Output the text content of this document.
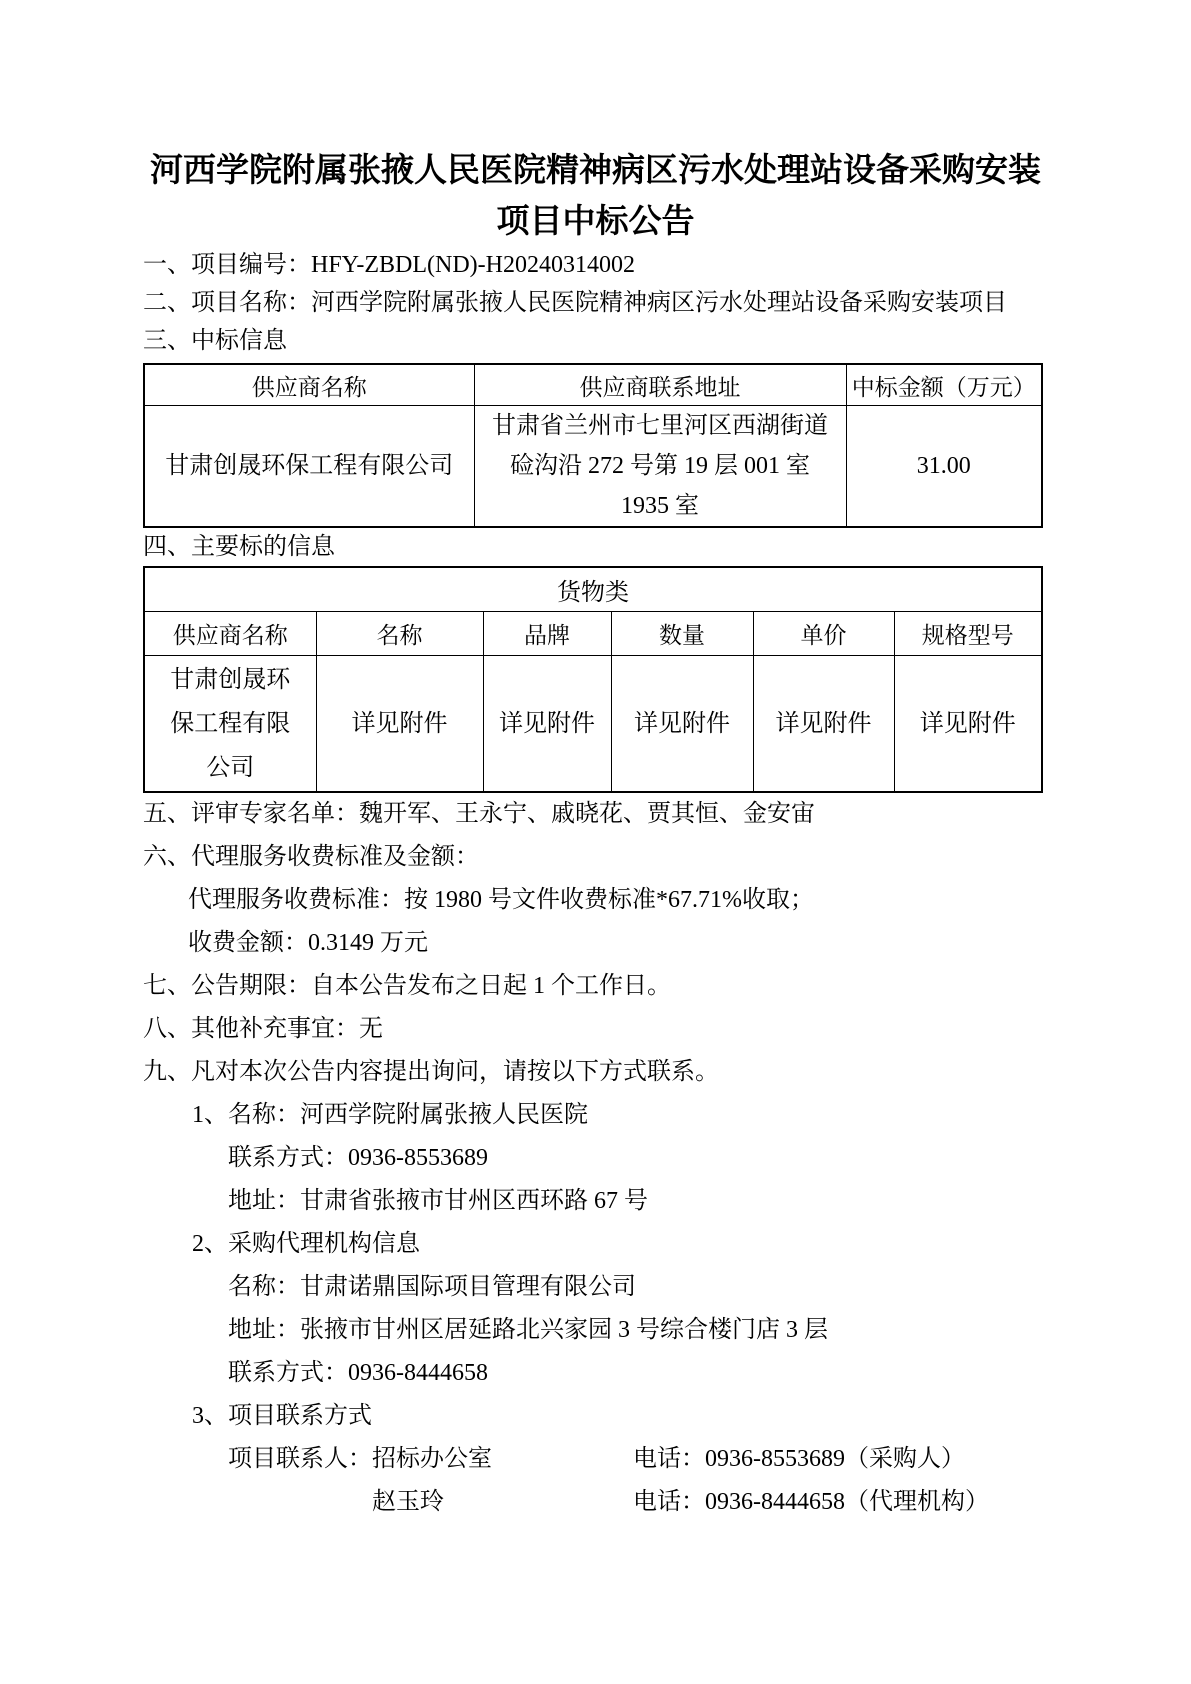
河西学院附属张掖人民医院精神病区污水处理站设备采购安装
项目中标公告

一、项目编号：HFY-ZBDL(ND)-H20240314002

二、项目名称：河西学院附属张掖人民医院精神病区污水处理站设备采购安装项目

三、中标信息

供应商名称	供应商联系地址	中标金额（万元）
甘肃创晟环保工程有限公司	甘肃省兰州市七里河区西湖街道硷沟沿 272 号第 19 层 001 室 1935 室	31.00

四、主要标的信息

货物类					
供应商名称	名称	品牌	数量	单价	规格型号
甘肃创晟环保工程有限公司	详见附件	详见附件	详见附件	详见附件	详见附件

五、评审专家名单：魏开军、王永宁、戚晓花、贾其恒、金安宙

六、代理服务收费标准及金额：

代理服务收费标准：按 1980 号文件收费标准*67.71%收取；

收费金额：0.3149 万元

七、公告期限：自本公告发布之日起 1 个工作日。

八、其他补充事宜：无

九、凡对本次公告内容提出询问，请按以下方式联系。

1、名称：河西学院附属张掖人民医院

联系方式：0936-8553689

地址：甘肃省张掖市甘州区西环路 67 号

2、采购代理机构信息

名称：甘肃诺鼎国际项目管理有限公司

地址：张掖市甘州区居延路北兴家园 3 号综合楼门店 3 层

联系方式：0936-8444658

3、项目联系方式

项目联系人：招标办公室	电话：0936-8553689（采购人）
赵玉玲	电话：0936-8444658（代理机构）
